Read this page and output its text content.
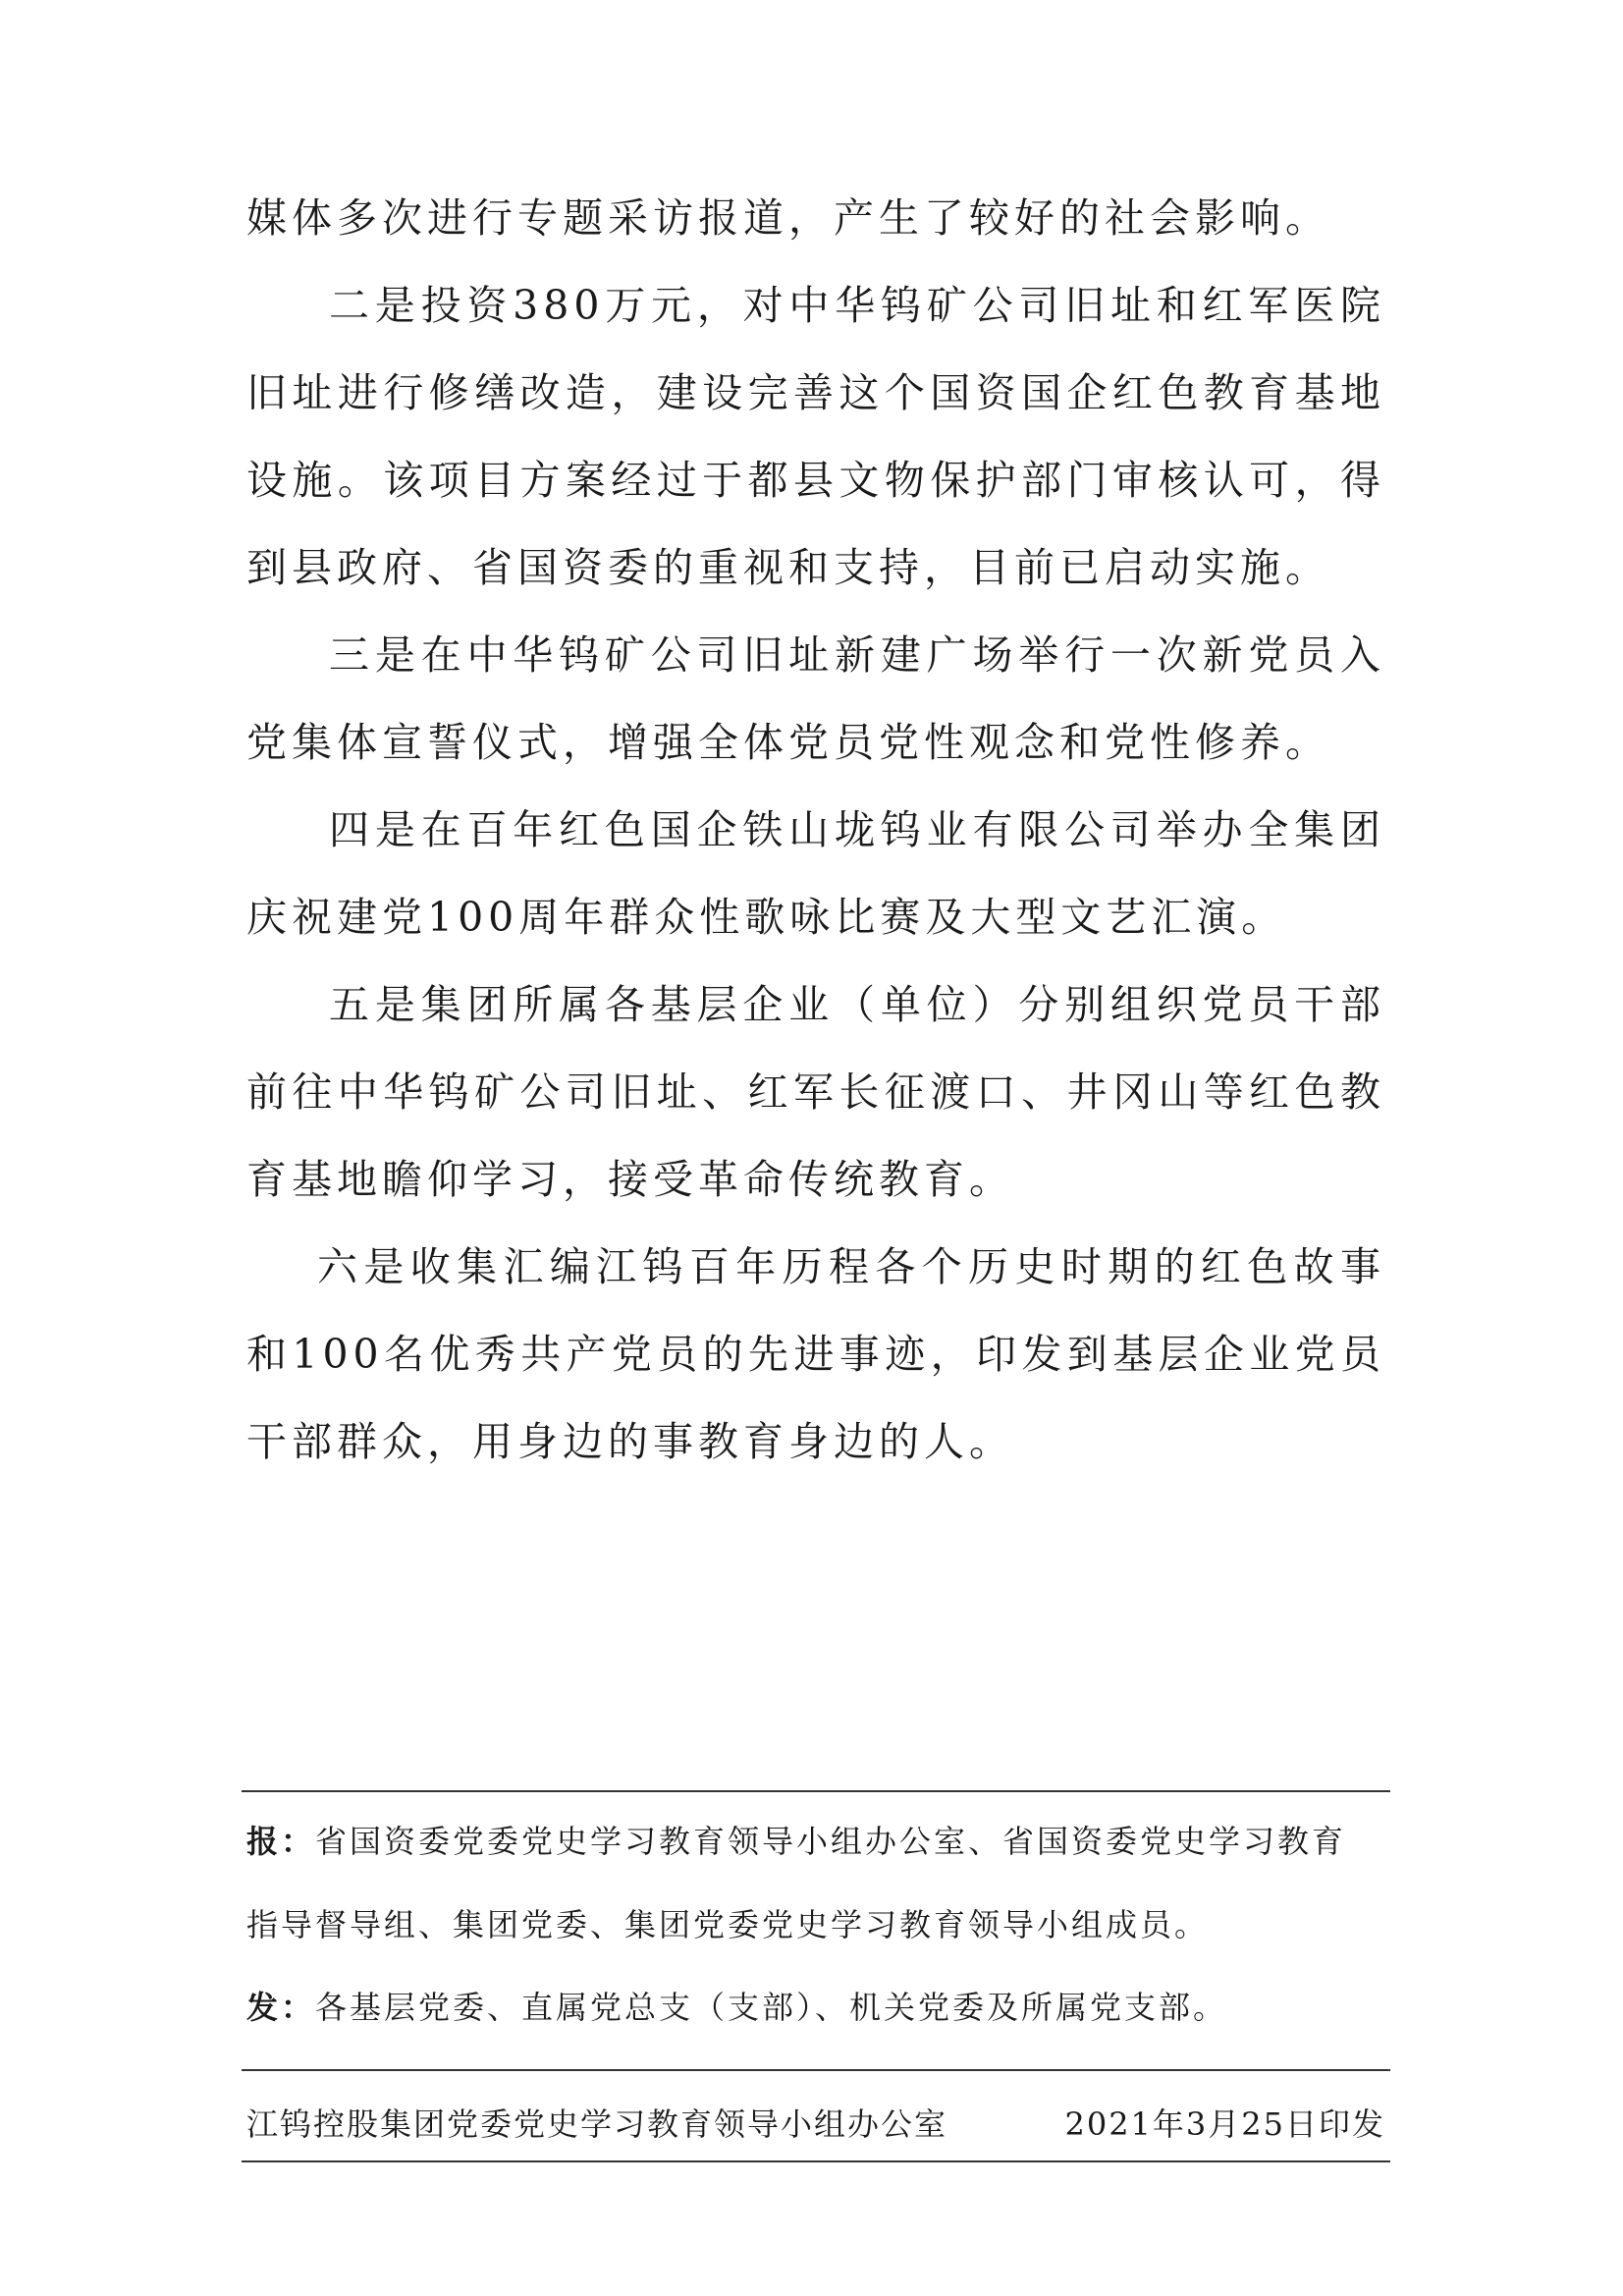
媒体多次进行专题采访报道，产生了较好的社会影响。

二是投资380万元，对中华钨矿公司旧址和红军医院旧址进行修缮改造，建设完善这个国资国企红色教育基地设施。该项目方案经过于都县文物保护部门审核认可，得到县政府、省国资委的重视和支持，目前已启动实施。

三是在中华钨矿公司旧址新建广场举行一次新党员入党集体宣誓仪式，增强全体党员党性观念和党性修养。

四是在百年红色国企铁山垅钨业有限公司举办全集团庆祝建党100周年群众性歌咏比赛及大型文艺汇演。

五是集团所属各基层企业（单位）分别组织党员干部前往中华钨矿公司旧址、红军长征渡口、井冈山等红色教育基地瞻仰学习，接受革命传统教育。

六是收集汇编江钨百年历程各个历史时期的红色故事和100名优秀共产党员的先进事迹，印发到基层企业党员干部群众，用身边的事教育身边的人。

报：省国资委党委党史学习教育领导小组办公室、省国资委党史学习教育
指导督导组、集团党委、集团党委党史学习教育领导小组成员。
发：各基层党委、直属党总支（支部）、机关党委及所属党支部。
江钨控股集团党委党史学习教育领导小组办公室	2021年3月25日印发
